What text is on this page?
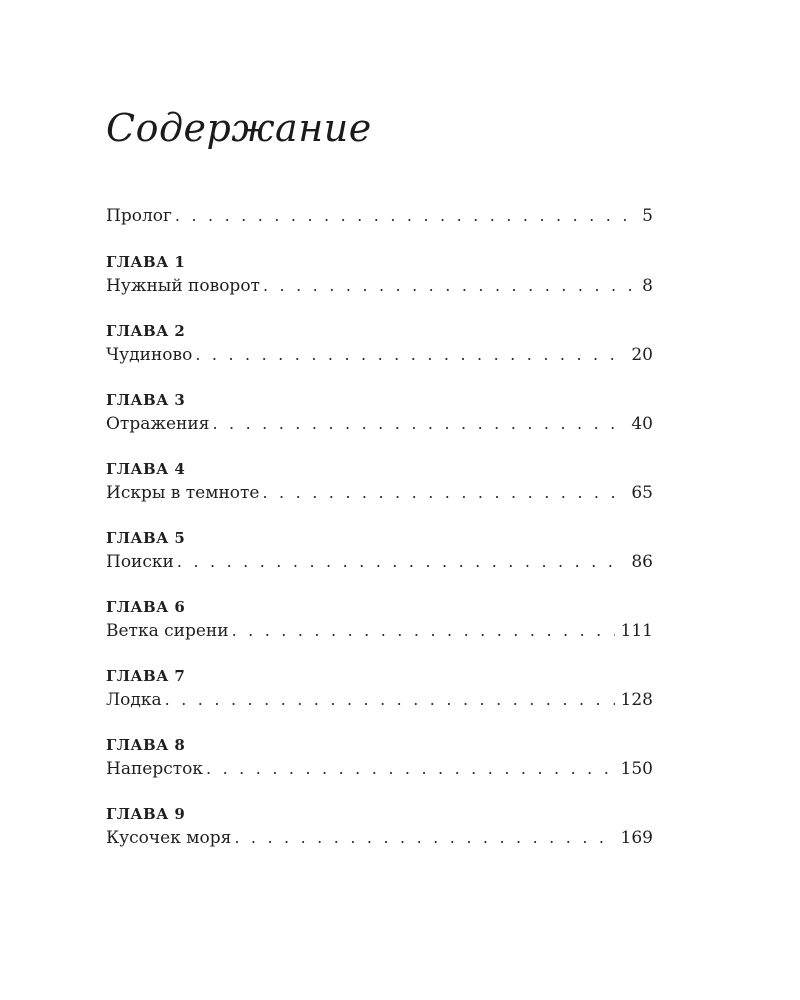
Содержание
Пролог . . .	5
ГЛАВА 1
Нужный поворот . . .	8
ГЛАВА 2
Чудиново . . .	20
ГЛАВА 3
Отражения . . .	40
ГЛАВА 4
Искры в темноте . . .	65
ГЛАВА 5
Поиски . . .	86
ГЛАВА 6
Ветка сирени . . .	111
ГЛАВА 7
Лодка . . .	128
ГЛАВА 8
Наперсток . . .	150
ГЛАВА 9
Кусочек моря . . .	169
